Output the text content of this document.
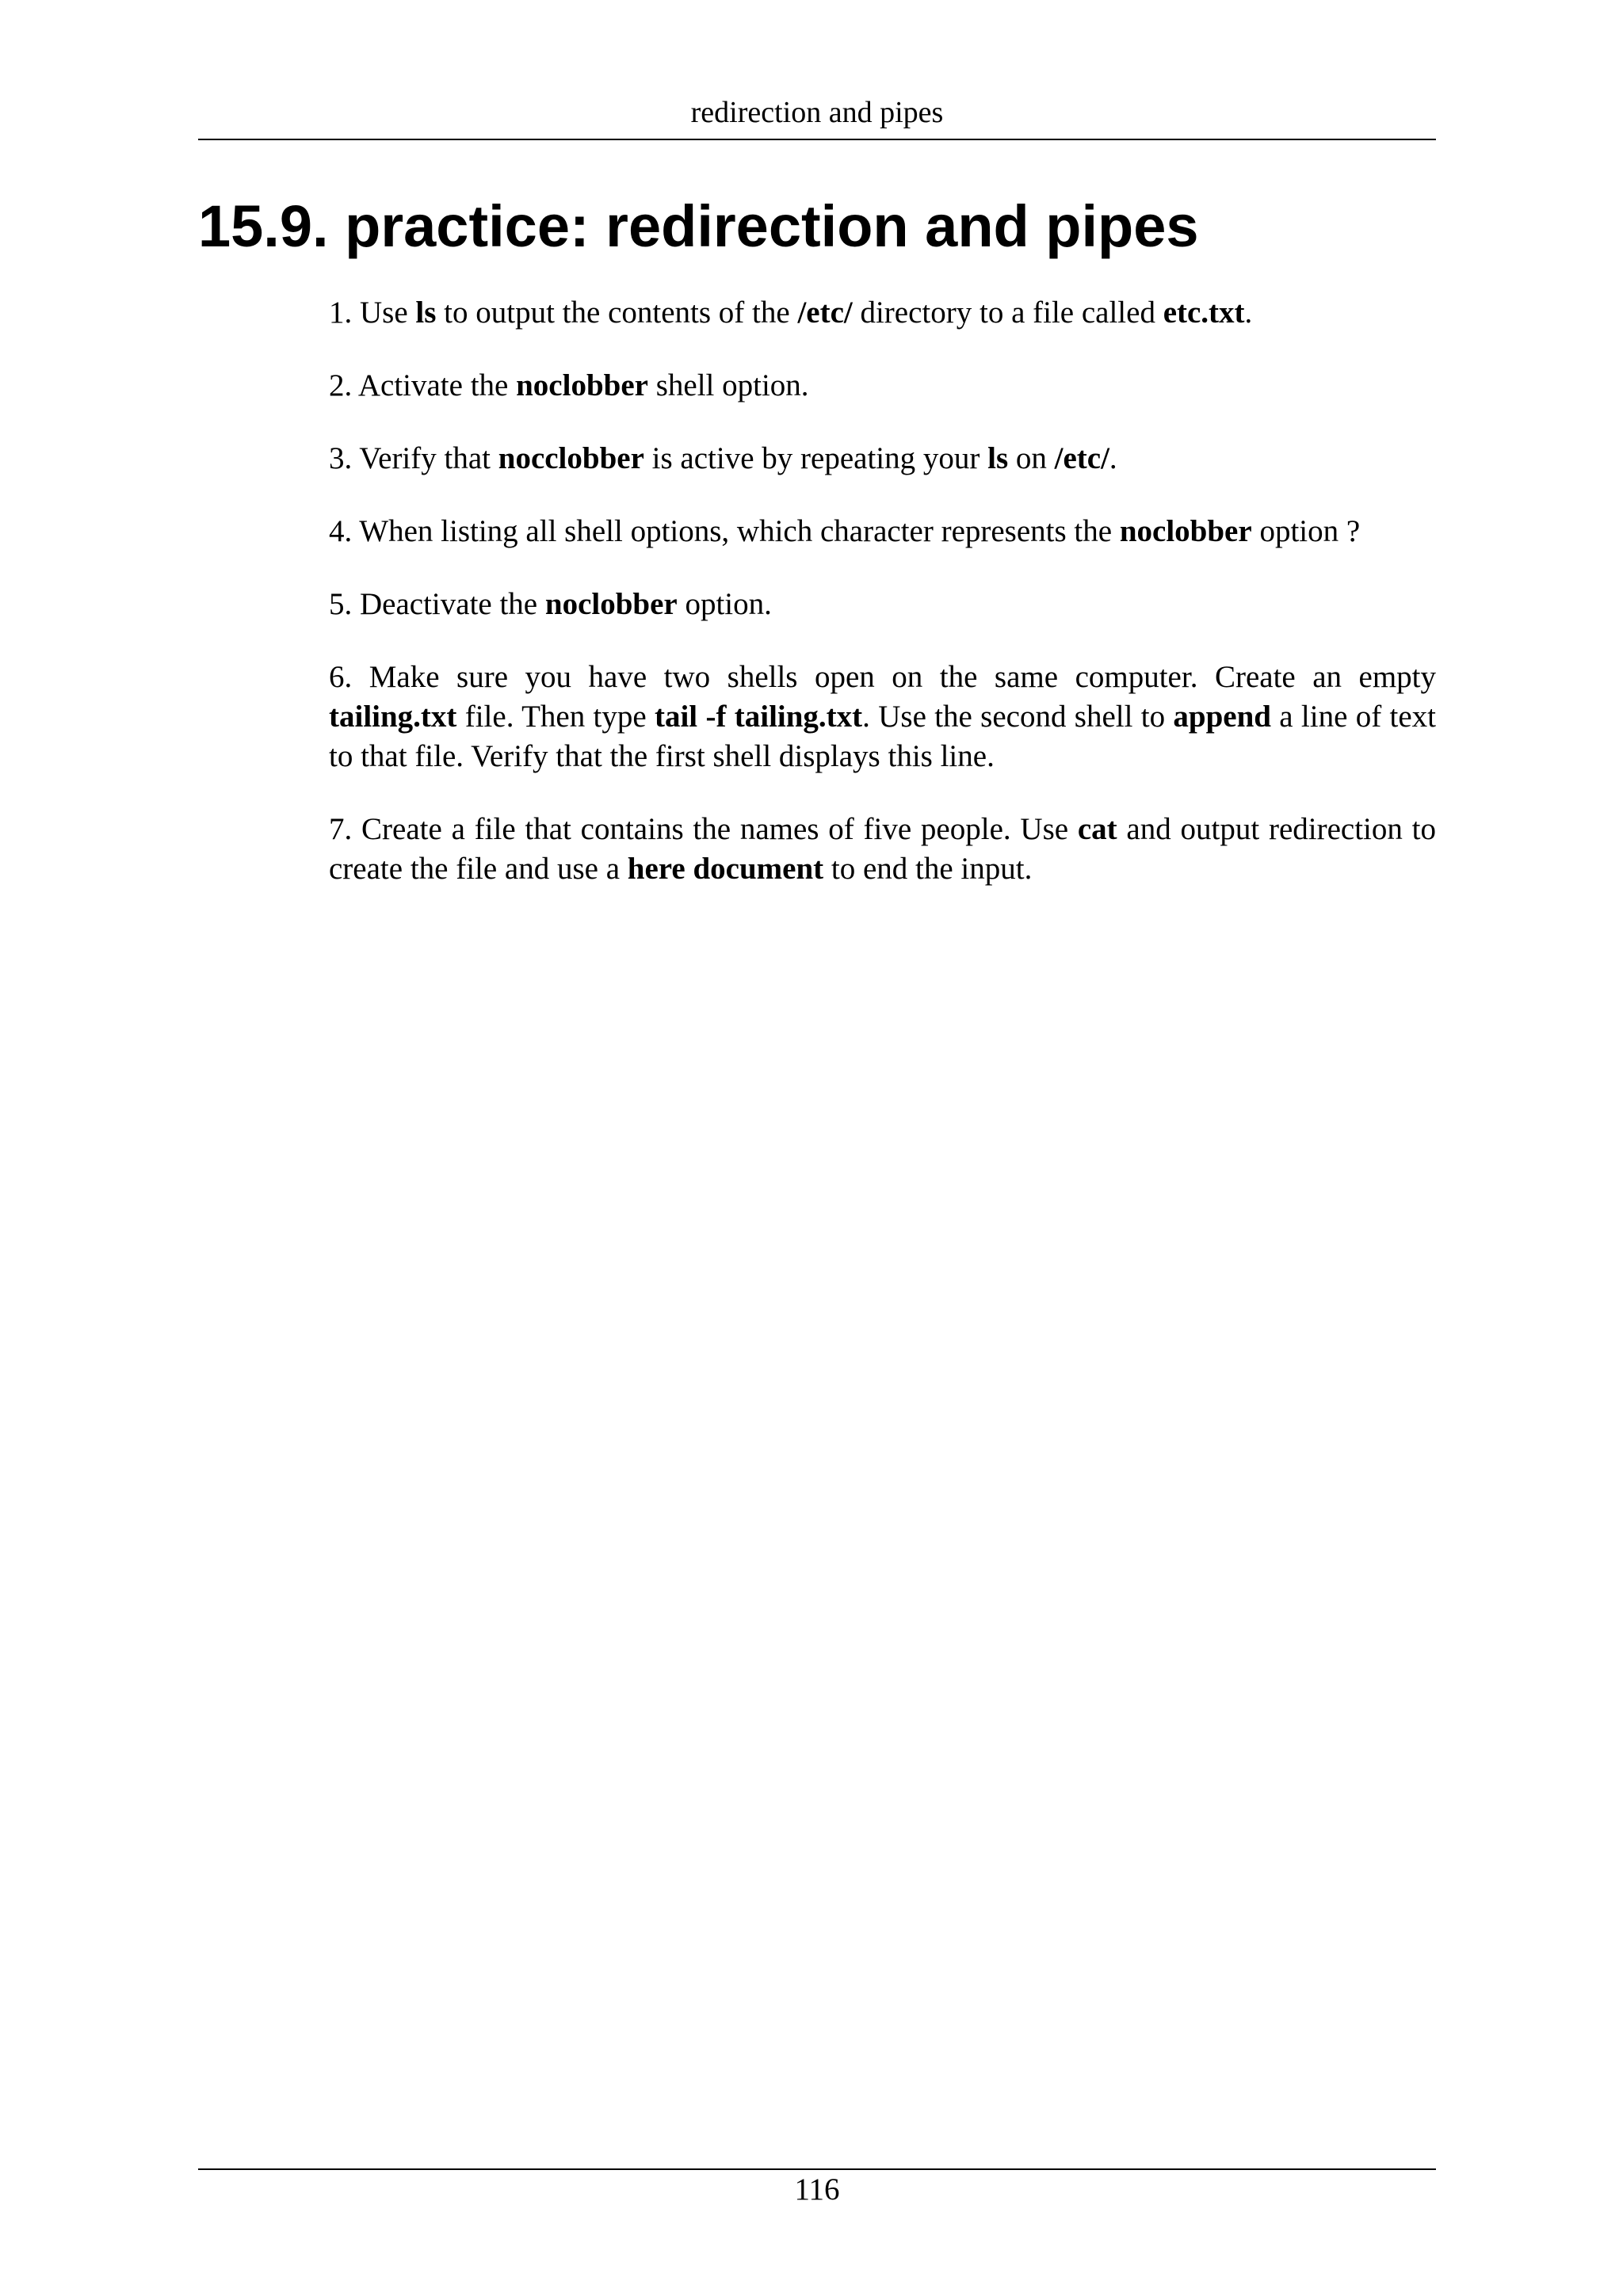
redirection and pipes
15.9. practice: redirection and pipes

1. Use ls to output the contents of the /etc/ directory to a file called etc.txt.

2. Activate the noclobber shell option.

3. Verify that nocclobber is active by repeating your ls on /etc/.

4. When listing all shell options, which character represents the noclobber option ?

5. Deactivate the noclobber option.

6. Make sure you have two shells open on the same computer. Create an empty tailing.txt file. Then type tail -f tailing.txt. Use the second shell to append a line of text to that file. Verify that the first shell displays this line.

7. Create a file that contains the names of five people. Use cat and output redirection to create the file and use a here document to end the input.

116
